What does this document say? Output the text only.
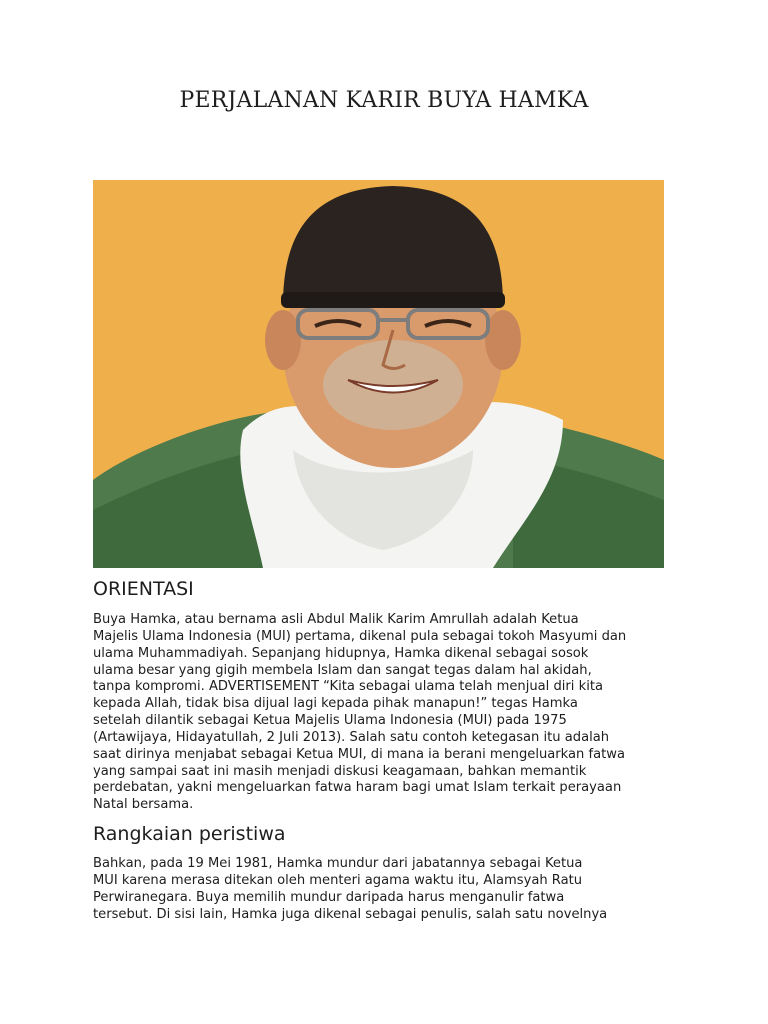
PERJALANAN KARIR BUYA HAMKA
ORIENTASI

Buya Hamka, atau bernama asli Abdul Malik Karim Amrullah adalah Ketua
Majelis Ulama Indonesia (MUI) pertama, dikenal pula sebagai tokoh Masyumi dan
ulama Muhammadiyah. Sepanjang hidupnya, Hamka dikenal sebagai sosok
ulama besar yang gigih membela Islam dan sangat tegas dalam hal akidah,
tanpa kompromi. ADVERTISEMENT “Kita sebagai ulama telah menjual diri kita
kepada Allah, tidak bisa dijual lagi kepada pihak manapun!” tegas Hamka
setelah dilantik sebagai Ketua Majelis Ulama Indonesia (MUI) pada 1975
(Artawijaya, Hidayatullah, 2 Juli 2013). Salah satu contoh ketegasan itu adalah
saat dirinya menjabat sebagai Ketua MUI, di mana ia berani mengeluarkan fatwa
yang sampai saat ini masih menjadi diskusi keagamaan, bahkan memantik
perdebatan, yakni mengeluarkan fatwa haram bagi umat Islam terkait perayaan
Natal bersama.

Rangkaian peristiwa

Bahkan, pada 19 Mei 1981, Hamka mundur dari jabatannya sebagai Ketua
MUI karena merasa ditekan oleh menteri agama waktu itu, Alamsyah Ratu
Perwiranegara. Buya memilih mundur daripada harus menganulir fatwa
tersebut. Di sisi lain, Hamka juga dikenal sebagai penulis, salah satu novelnya
